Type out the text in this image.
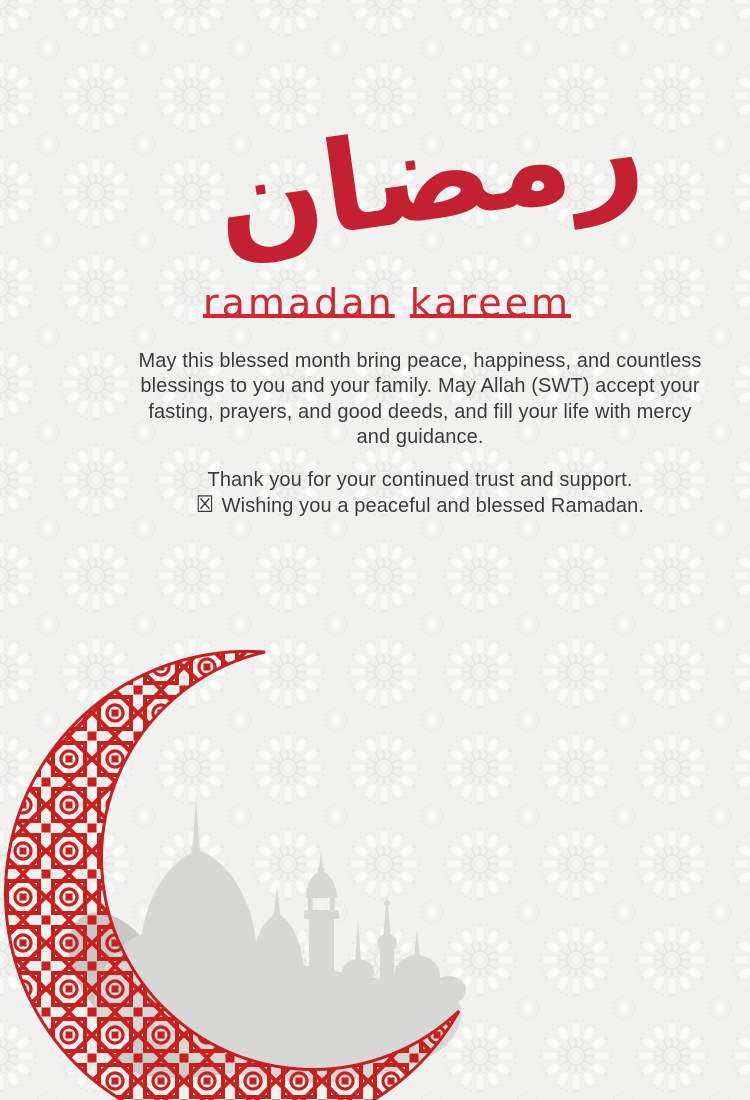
رمضان
ramadan kareem
May this blessed month bring peace, happiness, and countless
blessings to you and your family. May Allah (SWT) accept your
fasting, prayers, and good deeds, and fill your life with mercy
and guidance.
Thank you for your continued trust and support.
☒ Wishing you a peaceful and blessed Ramadan.
